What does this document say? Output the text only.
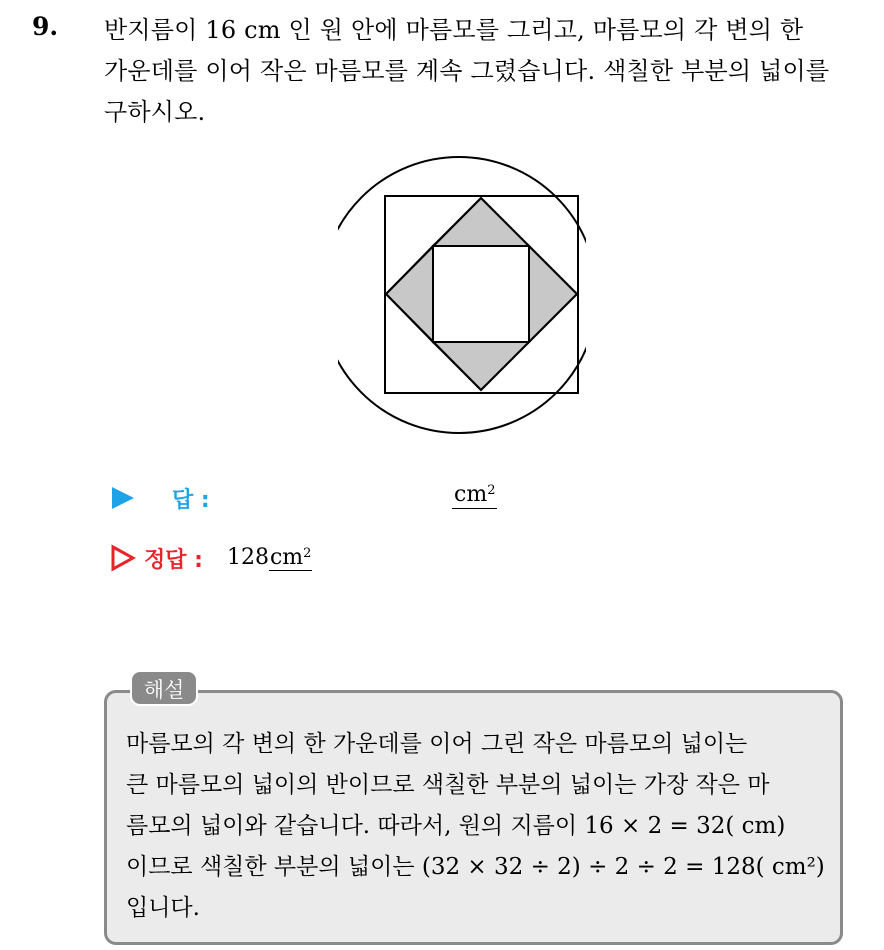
9. 반지름이 16 cm 인 원 안에 마름모를 그리고, 마름모의 각 변의 한
가운데를 이어 작은 마름모를 계속 그렸습니다. 색칠한 부분의 넓이를
구하시오.
답 :	$cm^2$
정답 : $128cm^2$
해설
마름모의 각 변의 한 가운데를 이어 그린 작은 마름모의 넓이는
큰 마름모의 넓이의 반이므로 색칠한 부분의 넓이는 가장 작은 마
름모의 넓이와 같습니다. 따라서, 원의 지름이 16 × 2 = 32( cm)
이므로 색칠한 부분의 넓이는 (32 × 32 ÷ 2) ÷ 2 ÷ 2 = 128( cm²)
입니다.
